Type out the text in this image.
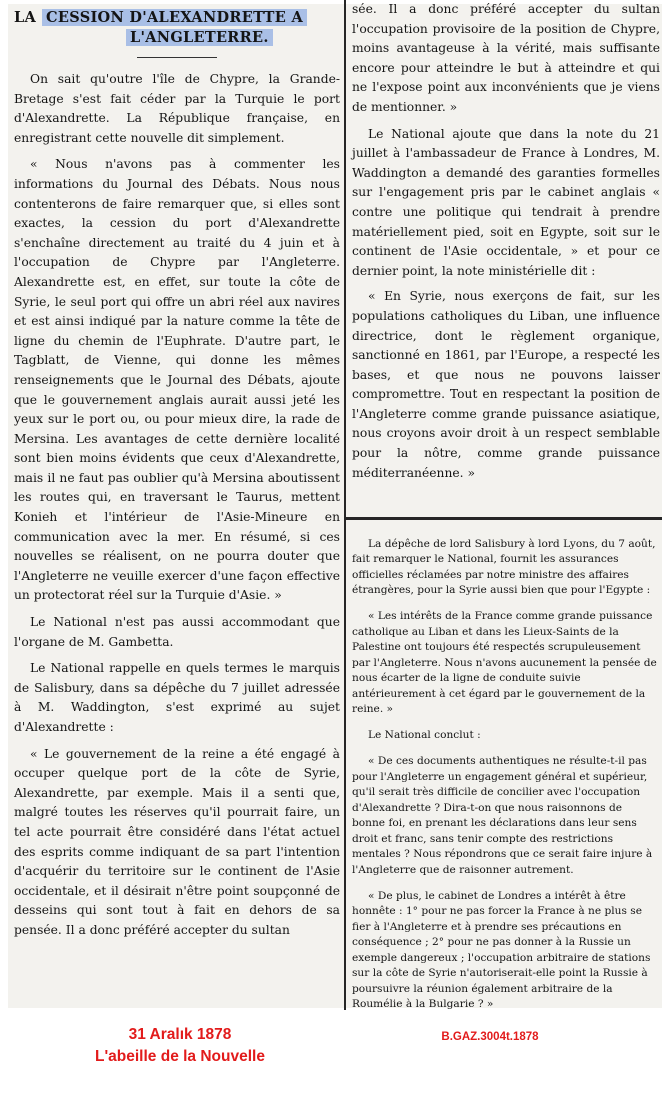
LA CESSION D'ALEXANDRETTE A
L'ANGLETERRE.

On sait qu'outre l'île de Chypre, la Grande-Bretage s'est fait céder par la Turquie le port d'Alexandrette. La République française, en enregistrant cette nouvelle dit simplement.

« Nous n'avons pas à commenter les informations du Journal des Débats. Nous nous contenterons de faire remarquer que, si elles sont exactes, la cession du port d'Alexandrette s'enchaîne directement au traité du 4 juin et à l'occupation de Chypre par l'Angleterre. Alexandrette est, en effet, sur toute la côte de Syrie, le seul port qui offre un abri réel aux navires et est ainsi indiqué par la nature comme la tête de ligne du chemin de l'Euphrate. D'autre part, le Tagblatt, de Vienne, qui donne les mêmes renseignements que le Journal des Débats, ajoute que le gouvernement anglais aurait aussi jeté les yeux sur le port ou, ou pour mieux dire, la rade de Mersina. Les avantages de cette dernière localité sont bien moins évidents que ceux d'Alexandrette, mais il ne faut pas oublier qu'à Mersina aboutissent les routes qui, en traversant le Taurus, mettent Konieh et l'intérieur de l'Asie-Mineure en communication avec la mer. En résumé, si ces nouvelles se réalisent, on ne pourra douter que l'Angleterre ne veuille exercer d'une façon effective un protectorat réel sur la Turquie d'Asie. »

Le National n'est pas aussi accommodant que l'organe de M. Gambetta.

Le National rappelle en quels termes le marquis de Salisbury, dans sa dépêche du 7 juillet adressée à M. Waddington, s'est exprimé au sujet d'Alexandrette :

« Le gouvernement de la reine a été engagé à occuper quelque port de la côte de Syrie, Alexandrette, par exemple. Mais il a senti que, malgré toutes les réserves qu'il pourrait faire, un tel acte pourrait être considéré dans l'état actuel des esprits comme indiquant de sa part l'intention d'acquérir du territoire sur le continent de l'Asie occidentale, et il désirait n'être point soupçonné de desseins qui sont tout à fait en dehors de sa pensée. Il a donc préféré accepter du sultan

sée. Il a donc préféré accepter du sultan l'occupation provisoire de la position de Chypre, moins avantageuse à la vérité, mais suffisante encore pour atteindre le but à atteindre et qui ne l'expose point aux inconvénients que je viens de mentionner. »

Le National ajoute que dans la note du 21 juillet à l'ambassadeur de France à Londres, M. Waddington a demandé des garanties formelles sur l'engagement pris par le cabinet anglais « contre une politique qui tendrait à prendre matériellement pied, soit en Egypte, soit sur le continent de l'Asie occidentale, » et pour ce dernier point, la note ministérielle dit :

« En Syrie, nous exerçons de fait, sur les populations catholiques du Liban, une influence directrice, dont le règlement organique, sanctionné en 1861, par l'Europe, a respecté les bases, et que nous ne pouvons laisser compromettre. Tout en respectant la position de l'Angleterre comme grande puissance asiatique, nous croyons avoir droit à un respect semblable pour la nôtre, comme grande puissance méditerranéenne. »

La dépêche de lord Salisbury à lord Lyons, du 7 août, fait remarquer le National, fournit les assurances officielles réclamées par notre ministre des affaires étrangères, pour la Syrie aussi bien que pour l'Egypte :

« Les intérêts de la France comme grande puissance catholique au Liban et dans les Lieux-Saints de la Palestine ont toujours été respectés scrupuleusement par l'Angleterre. Nous n'avons aucunement la pensée de nous écarter de la ligne de conduite suivie antérieurement à cet égard par le gouvernement de la reine. »

Le National conclut :

« De ces documents authentiques ne résulte-t-il pas pour l'Angleterre un engagement général et supérieur, qu'il serait très difficile de concilier avec l'occupation d'Alexandrette ? Dira-t-on que nous raisonnons de bonne foi, en prenant les déclarations dans leur sens droit et franc, sans tenir compte des restrictions mentales ? Nous répondrons que ce serait faire injure à l'Angleterre que de raisonner autrement.

« De plus, le cabinet de Londres a intérêt à être honnête : 1° pour ne pas forcer la France à ne plus se fier à l'Angleterre et à prendre ses précautions en conséquence ; 2° pour ne pas donner à la Russie un exemple dangereux ; l'occupation arbitraire de stations sur la côte de Syrie n'autoriserait-elle point la Russie à poursuivre la réunion également arbitraire de la Roumélie à la Bulgarie ? »

31 Aralık 1878
L'abeille de la Nouvelle
B.GAZ.3004t.1878
